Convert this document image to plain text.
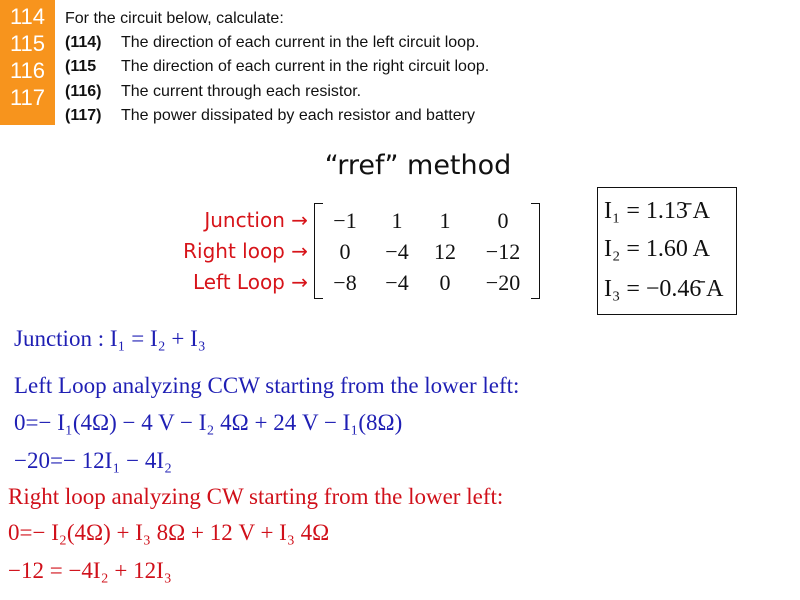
114
115
116
117
For the circuit below, calculate:
(114) The direction of each current in the left circuit loop.
(115 The direction of each current in the right circuit loop.
(116) The current through each resistor.
(117) The power dissipated by each resistor and battery
“rref” method
Junction →
Right loop →
Left Loop →
−1	1	1	0
0	−4	12	−12
−8	−4	0	−20
I₁ = 1.13̄ A
I₂ = 1.60 A
I₃ = −0.46̄ A
Junction : I₁ = I₂ + I₃
Left Loop analyzing CCW starting from the lower left:
0=− I₁(4Ω) − 4 V − I₂ 4Ω + 24 V − I₁(8Ω)
−20=− 12I₁ − 4I₂
Right loop analyzing CW starting from the lower left:
0=− I₂(4Ω) + I₃ 8Ω + 12 V + I₃ 4Ω
−12 = −4I₂ + 12I₃
